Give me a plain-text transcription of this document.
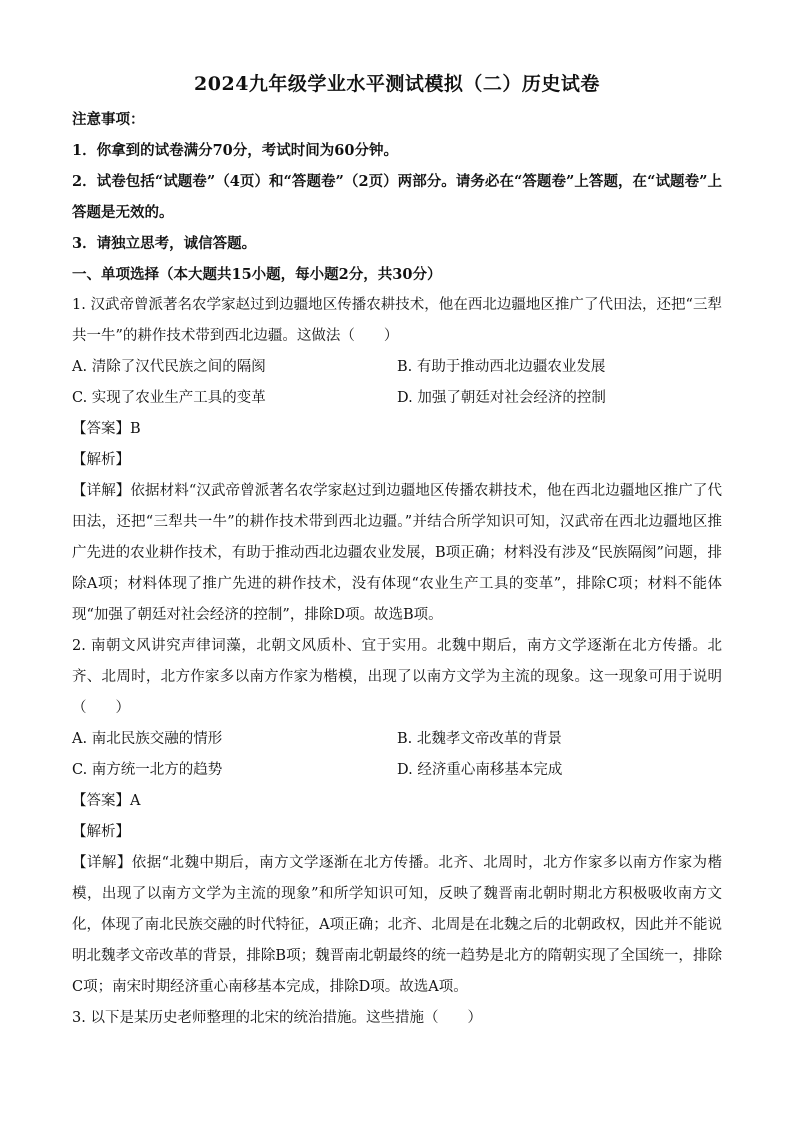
2024九年级学业水平测试模拟（二）历史试卷

注意事项：

1．你拿到的试卷满分70分，考试时间为60分钟。

2．试卷包括“试题卷”（4页）和“答题卷”（2页）两部分。请务必在“答题卷”上答题，在“试题卷”上答题是无效的。

3．请独立思考，诚信答题。

一、单项选择（本大题共15小题，每小题2分，共30分）

1. 汉武帝曾派著名农学家赵过到边疆地区传播农耕技术，他在西北边疆地区推广了代田法，还把“三犁共一牛”的耕作技术带到西北边疆。这做法（　　）

A. 清除了汉代民族之间的隔阂	B. 有助于推动西北边疆农业发展
C. 实现了农业生产工具的变革	D. 加强了朝廷对社会经济的控制

【答案】B

【解析】

【详解】依据材料“汉武帝曾派著名农学家赵过到边疆地区传播农耕技术，他在西北边疆地区推广了代田法，还把“三犁共一牛”的耕作技术带到西北边疆。”并结合所学知识可知，汉武帝在西北边疆地区推广先进的农业耕作技术，有助于推动西北边疆农业发展，B项正确；材料没有涉及“民族隔阂”问题，排除A项；材料体现了推广先进的耕作技术，没有体现“农业生产工具的变革”，排除C项；材料不能体现“加强了朝廷对社会经济的控制”，排除D项。故选B项。

2. 南朝文风讲究声律词藻，北朝文风质朴、宜于实用。北魏中期后，南方文学逐渐在北方传播。北齐、北周时，北方作家多以南方作家为楷模，出现了以南方文学为主流的现象。这一现象可用于说明（　　）

A. 南北民族交融的情形	B. 北魏孝文帝改革的背景
C. 南方统一北方的趋势	D. 经济重心南移基本完成

【答案】A

【解析】

【详解】依据“北魏中期后，南方文学逐渐在北方传播。北齐、北周时，北方作家多以南方作家为楷模，出现了以南方文学为主流的现象”和所学知识可知，反映了魏晋南北朝时期北方积极吸收南方文化，体现了南北民族交融的时代特征，A项正确；北齐、北周是在北魏之后的北朝政权，因此并不能说明北魏孝文帝改革的背景，排除B项；魏晋南北朝最终的统一趋势是北方的隋朝实现了全国统一，排除C项；南宋时期经济重心南移基本完成，排除D项。故选A项。

3. 以下是某历史老师整理的北宋的统治措施。这些措施（　　）
